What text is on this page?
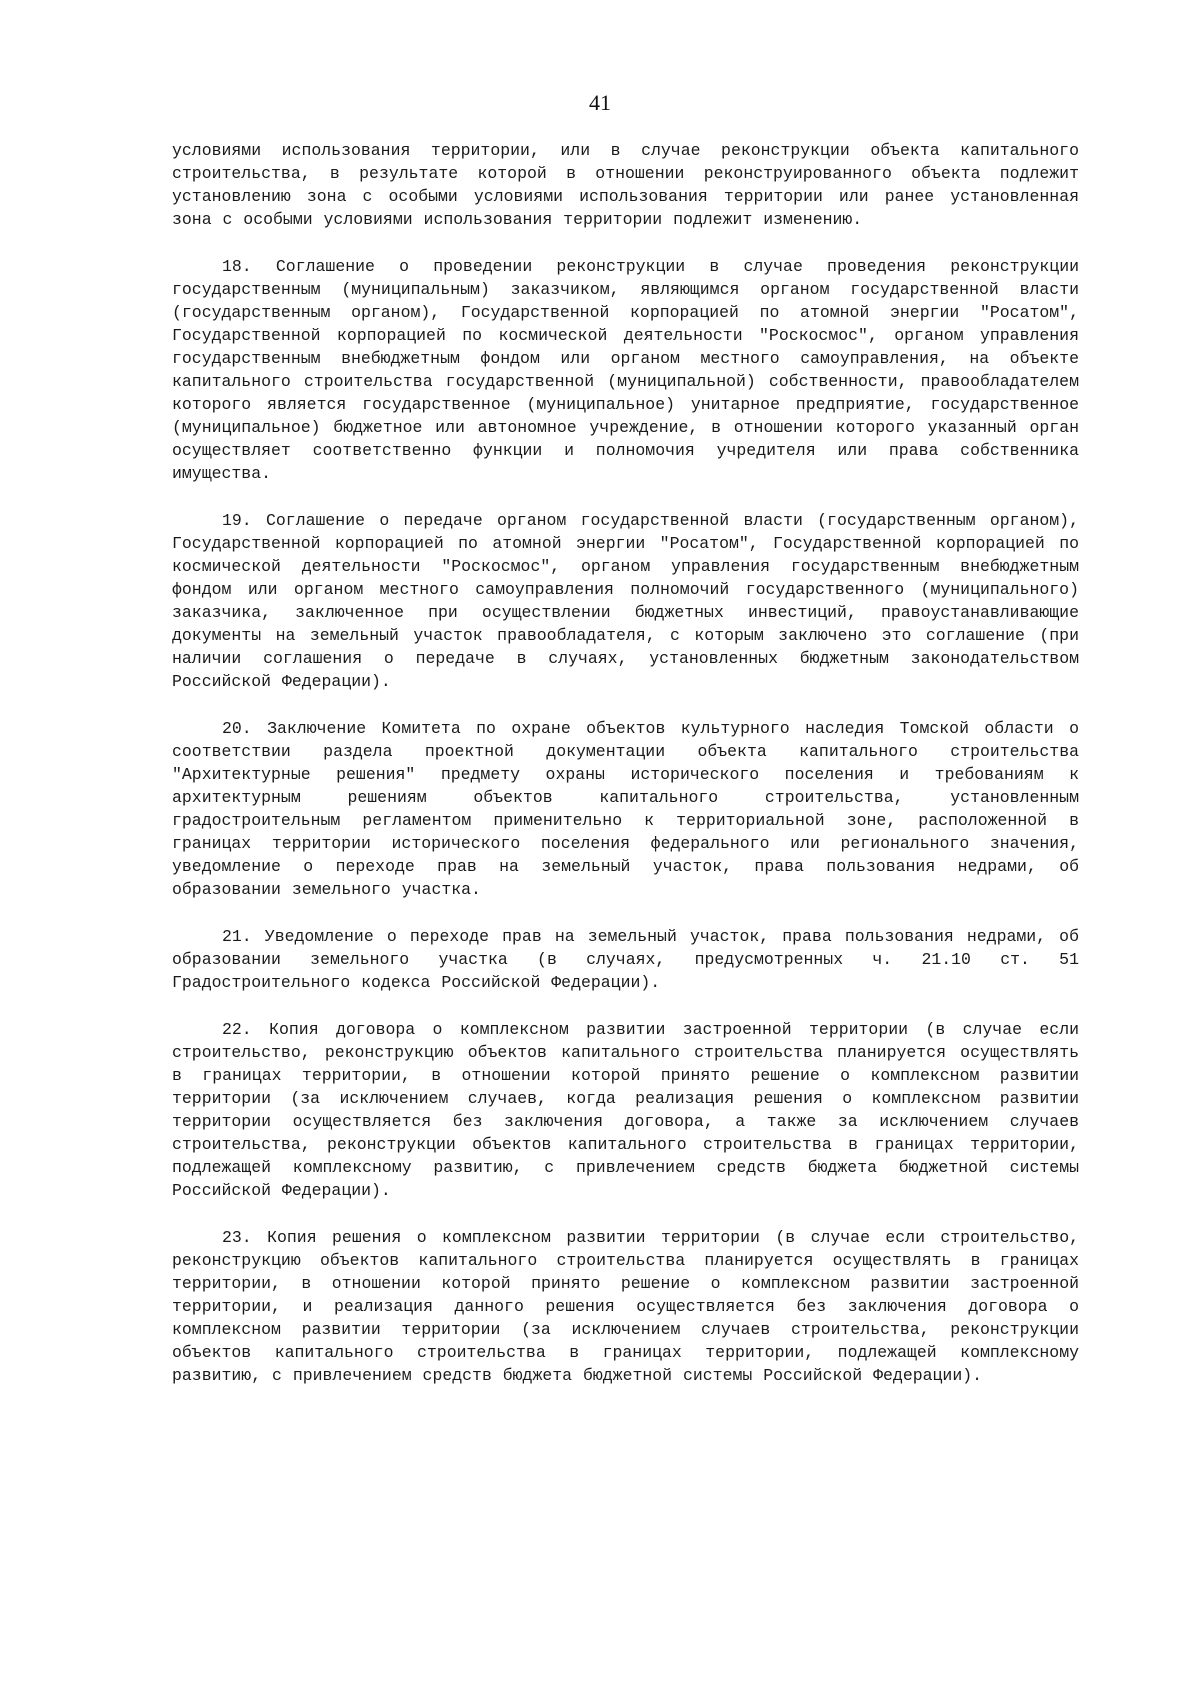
41

условиями использования территории, или в случае реконструкции объекта капитального строительства, в результате которой в отношении реконструированного объекта подлежит установлению зона с особыми условиями использования территории или ранее установленная зона с особыми условиями использования территории подлежит изменению.

18. Соглашение о проведении реконструкции в случае проведения реконструкции государственным (муниципальным) заказчиком, являющимся органом государственной власти (государственным органом), Государственной корпорацией по атомной энергии "Росатом", Государственной корпорацией по космической деятельности "Роскосмос", органом управления государственным внебюджетным фондом или органом местного самоуправления, на объекте капитального строительства государственной (муниципальной) собственности, правообладателем которого является государственное (муниципальное) унитарное предприятие, государственное (муниципальное) бюджетное или автономное учреждение, в отношении которого указанный орган осуществляет соответственно функции и полномочия учредителя или права собственника имущества.

19. Соглашение о передаче органом государственной власти (государственным органом), Государственной корпорацией по атомной энергии "Росатом", Государственной корпорацией по космической деятельности "Роскосмос", органом управления государственным внебюджетным фондом или органом местного самоуправления полномочий государственного (муниципального) заказчика, заключенное при осуществлении бюджетных инвестиций, правоустанавливающие документы на земельный участок правообладателя, с которым заключено это соглашение (при наличии соглашения о передаче в случаях, установленных бюджетным законодательством Российской Федерации).

20. Заключение Комитета по охране объектов культурного наследия Томской области о соответствии раздела проектной документации объекта капитального строительства "Архитектурные решения" предмету охраны исторического поселения и требованиям к архитектурным решениям объектов капитального строительства, установленным градостроительным регламентом применительно к территориальной зоне, расположенной в границах территории исторического поселения федерального или регионального значения, уведомление о переходе прав на земельный участок, права пользования недрами, об образовании земельного участка.

21. Уведомление о переходе прав на земельный участок, права пользования недрами, об образовании земельного участка (в случаях, предусмотренных ч. 21.10 ст. 51 Градостроительного кодекса Российской Федерации).

22. Копия договора о комплексном развитии застроенной территории (в случае если строительство, реконструкцию объектов капитального строительства планируется осуществлять в границах территории, в отношении которой принято решение о комплексном развитии территории (за исключением случаев, когда реализация решения о комплексном развитии территории осуществляется без заключения договора, а также за исключением случаев строительства, реконструкции объектов капитального строительства в границах территории, подлежащей комплексному развитию, с привлечением средств бюджета бюджетной системы Российской Федерации).

23. Копия решения о комплексном развитии территории (в случае если строительство, реконструкцию объектов капитального строительства планируется осуществлять в границах территории, в отношении которой принято решение о комплексном развитии застроенной территории, и реализация данного решения осуществляется без заключения договора о комплексном развитии территории (за исключением случаев строительства, реконструкции объектов капитального строительства в границах территории, подлежащей комплексному развитию, с привлечением средств бюджета бюджетной системы Российской Федерации).
